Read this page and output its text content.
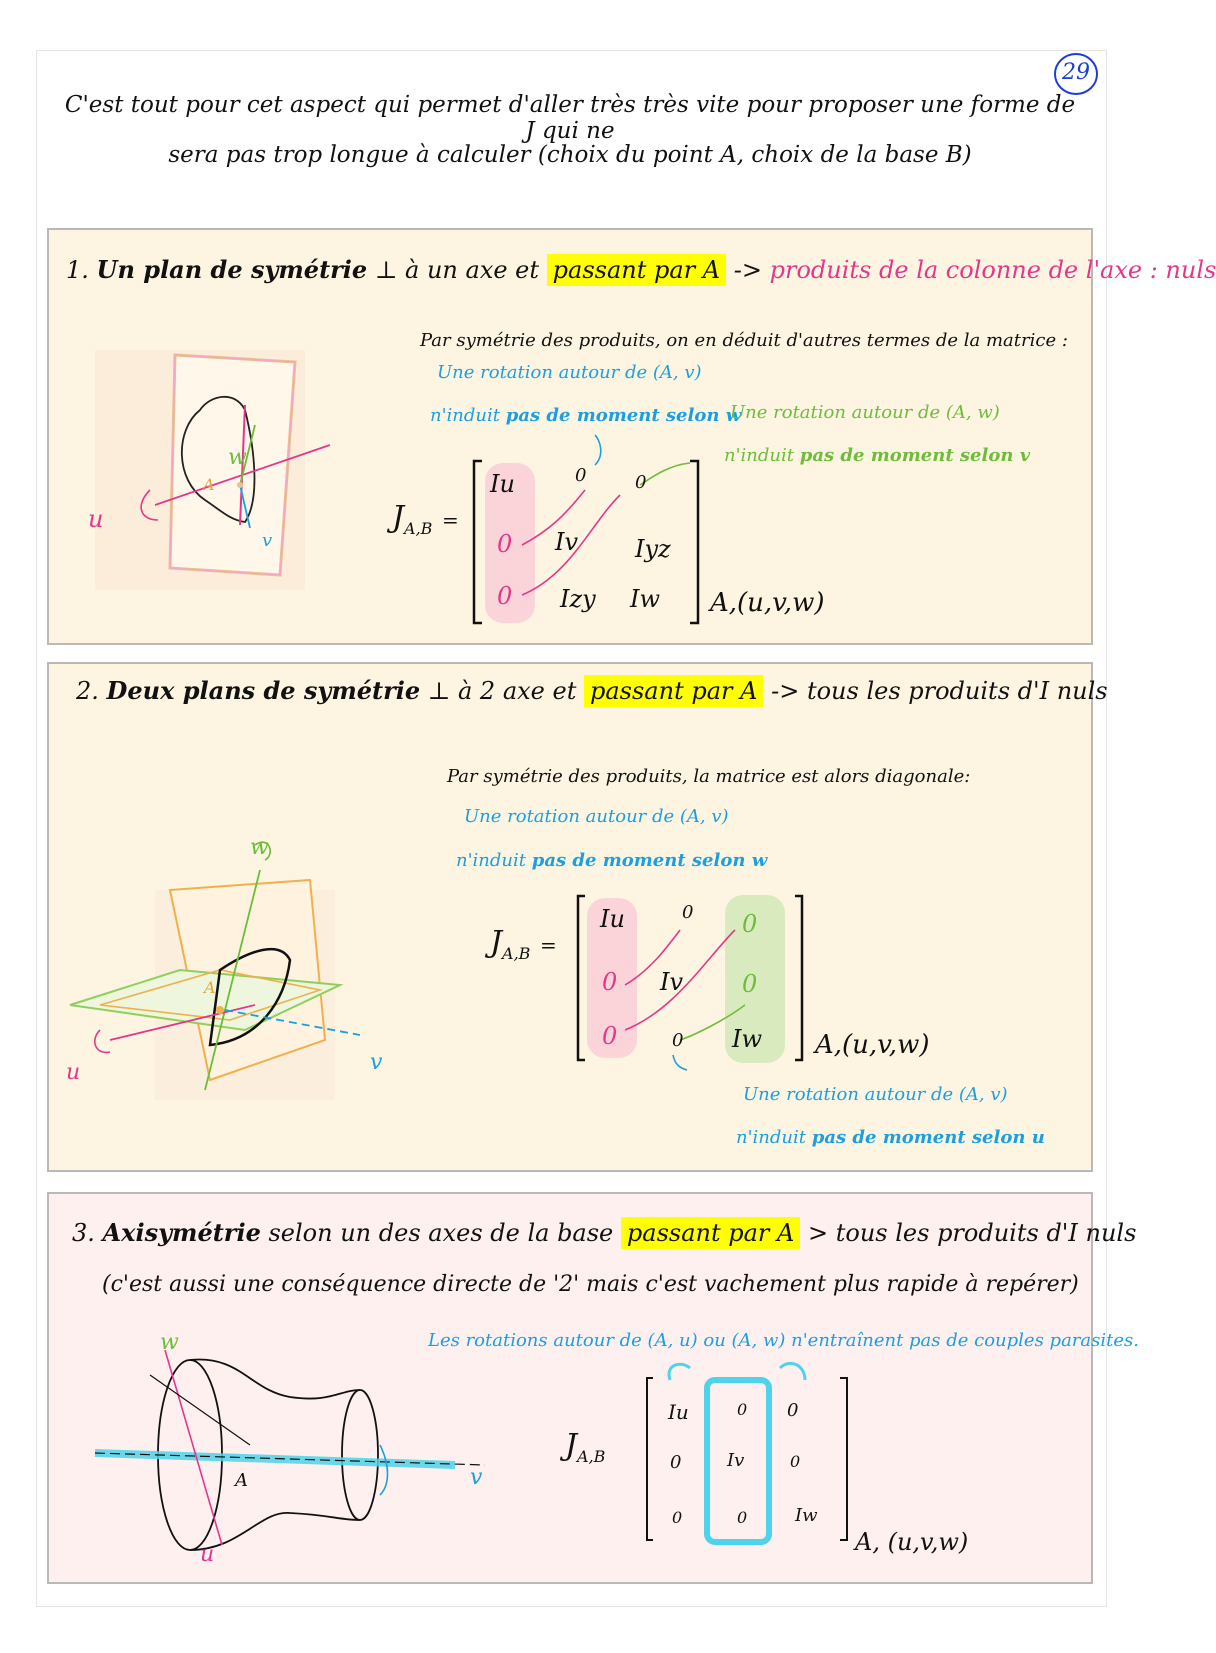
29
C'est tout pour cet aspect qui permet d'aller très très vite pour proposer une forme de J qui ne
sera pas trop longue à calculer (choix du point A, choix de la base B)
1. Un plan de symétrie ⊥ à un axe et passant par A -> produits de la colonne de l'axe : nuls
Par symétrie des produits, on en déduit d'autres termes de la matrice :
Une rotation autour de (A, v)
n'induit pas de moment selon w
Une rotation autour de (A, w)
n'induit pas de moment selon v
$J_{A,B}$ =
Iu	0	0
0 Iv Iyz
0 Izy Iw A,(u,v,w)
u
w
v
A
2. Deux plans de symétrie ⊥ à 2 axe et passant par A -> tous les produits d'I nuls
Par symétrie des produits, la matrice est alors diagonale:
Une rotation autour de (A, v)
n'induit pas de moment selon w
Une rotation autour de (A, v)
n'induit pas de moment selon u
$J_{A,B}$ =
Iu	0 0
0 Iv 0
0	0 Iw A,(u,v,w)
w
u	v
A
3. Axisymétrie selon un des axes de la base passant par A > tous les produits d'I nuls
(c'est aussi une conséquence directe de '2' mais c'est vachement plus rapide à repérer)
Les rotations autour de (A, u) ou (A, w) n'entraînent pas de couples parasites.
$J_{A,B}$
Iu	0 0
0	Iv	0
0	0	Iw
A, (u,v,w)
A
w
v
u
